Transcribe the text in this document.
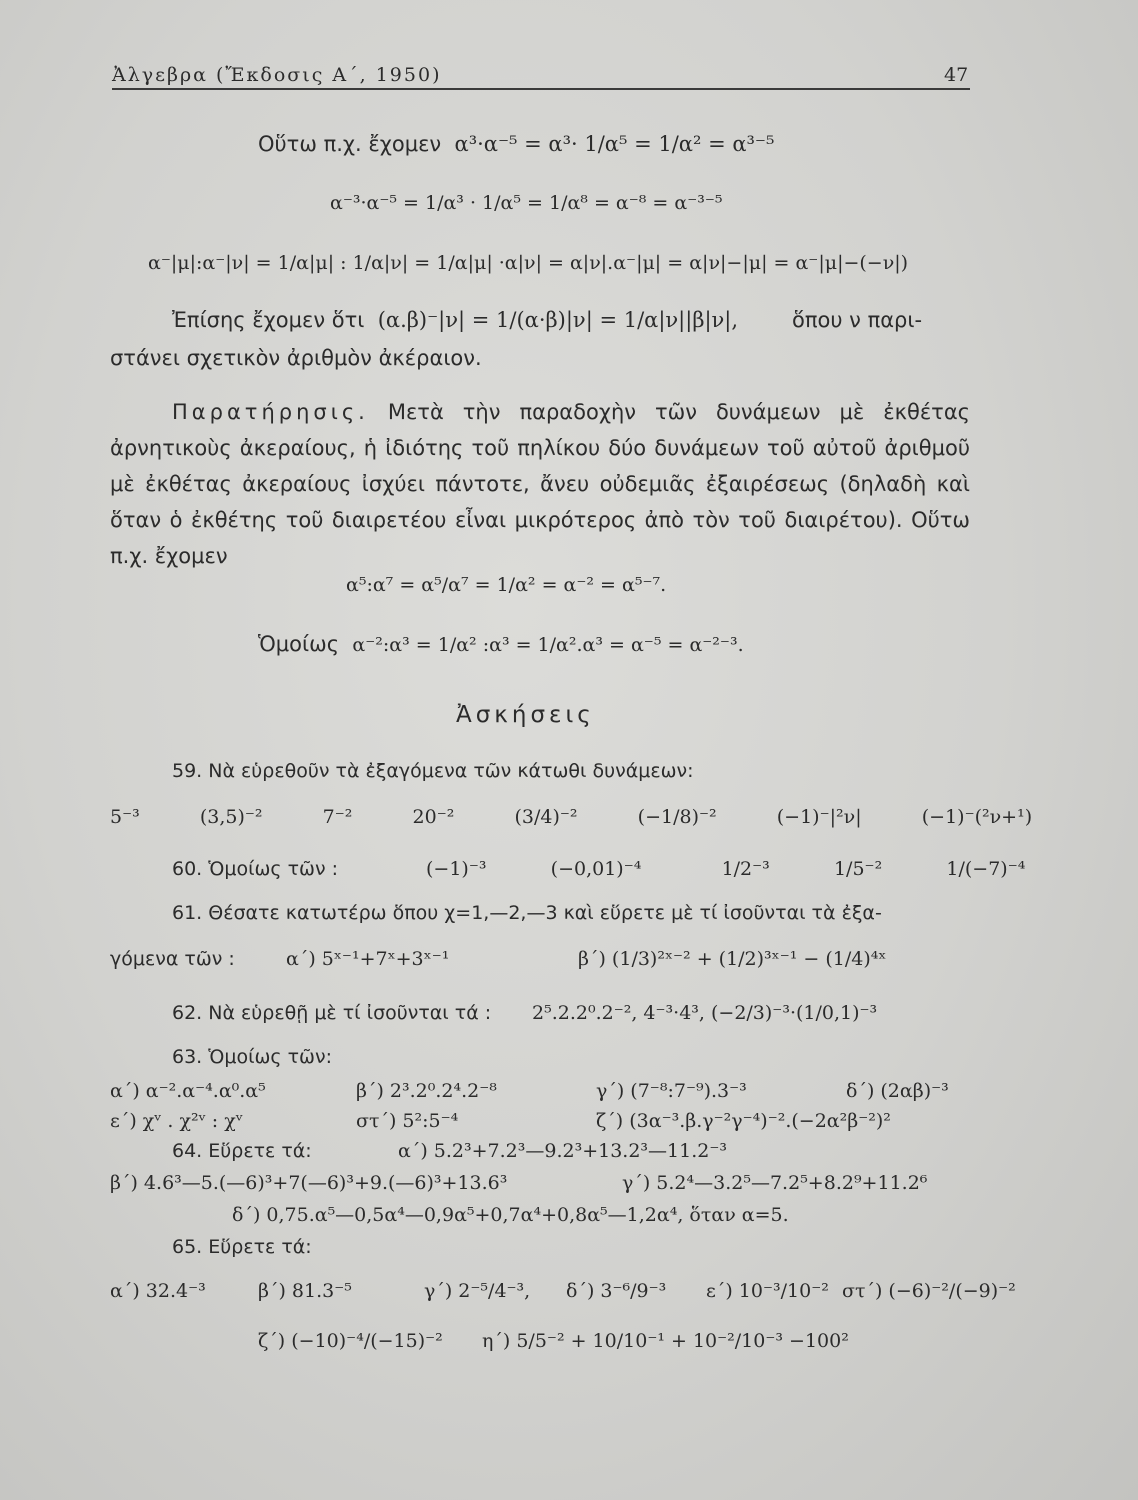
Ἀλγεβρα (Ἔκδοσις Α΄, 1950)	47
Οὕτω π.χ. ἔχομεν α³·α⁻⁵ = α³· 1/α⁵ = 1/α² = α³⁻⁵
α⁻³·α⁻⁵ = 1/α³ · 1/α⁵ = 1/α⁸ = α⁻⁸ = α⁻³⁻⁵
α⁻|μ|:α⁻|ν| = 1/α|μ| : 1/α|ν| = 1/α|μ| ·α|ν| = α|ν|.α⁻|μ| = α|ν|−|μ| = α⁻|μ|−(−ν|)
Ἐπίσης ἔχομεν ὅτι (α.β)⁻|ν| = 1/(α·β)|ν| = 1/α|ν||β|ν|,	ὅπου ν παρι-
στάνει σχετικὸν ἀριθμὸν ἀκέραιον.
Παρατήρησις. Μετὰ τὴν παραδοχὴν τῶν δυνάμεων μὲ ἐκθέτας ἀρνητικοὺς ἀκεραίους, ἡ ἰδιότης τοῦ πηλίκου δύο δυνάμεων τοῦ αὐτοῦ ἀριθμοῦ μὲ ἐκθέτας ἀκεραίους ἰσχύει πάντοτε, ἄνευ οὐδεμιᾶς ἐξαιρέσεως (δηλαδὴ καὶ ὅταν ὁ ἐκθέτης τοῦ διαιρετέου εἶναι μικρότερος ἀπὸ τὸν τοῦ διαιρέτου). Οὕτω π.χ. ἔχομεν
α⁵:α⁷ = α⁵/α⁷ = 1/α² = α⁻² = α⁵⁻⁷.
Ὁμοίως α⁻²:α³ = 1/α² :α³ = 1/α².α³ = α⁻⁵ = α⁻²⁻³.
Ἀσκήσεις
59. Νὰ εὑρεθοῦν τὰ ἐξαγόμενα τῶν κάτωθι δυνάμεων:
5⁻³	(3,5)⁻²	7⁻²	20⁻²	(3/4)⁻²	(−1/8)⁻²	(−1)⁻|²ν|	(−1)⁻(²ν+¹)
60. Ὁμοίως τῶν :	(−1)⁻³	(−0,01)⁻⁴	1/2⁻³	1/5⁻²	1/(−7)⁻⁴
61. Θέσατε κατωτέρω ὅπου χ=1,—2,—3 καὶ εὕρετε μὲ τί ἰσοῦνται τὰ ἐξα-
γόμενα τῶν :	α΄) 5ˣ⁻¹+7ˣ+3ˣ⁻¹	β΄) (1/3)²ˣ⁻² + (1/2)³ˣ⁻¹ − (1/4)⁴ˣ
62. Νὰ εὑρεθῇ μὲ τί ἰσοῦνται τά : 2⁵.2.2⁰.2⁻², 4⁻³·4³, (−2/3)⁻³·(1/0,1)⁻³
63. Ὁμοίως τῶν:
α΄) α⁻².α⁻⁴.α⁰.α⁵	β΄) 2³.2⁰.2⁴.2⁻⁸	γ΄) (7⁻⁸:7⁻⁹).3⁻³	δ΄) (2αβ)⁻³
ε΄) χᵛ . χ²ᵛ : χᵛ	στ΄) 5²:5⁻⁴	ζ΄) (3α⁻³.β.γ⁻²γ⁻⁴)⁻².(−2α²β⁻²)²
64. Εὕρετε τά:	α΄) 5.2³+7.2³—9.2³+13.2³—11.2⁻³
β΄) 4.6³—5.(—6)³+7(—6)³+9.(—6)³+13.6³	γ΄) 5.2⁴—3.2⁵—7.2⁵+8.2⁹+11.2⁶
δ΄) 0,75.α⁵—0,5α⁴—0,9α⁵+0,7α⁴+0,8α⁵—1,2α⁴, ὅταν α=5.
65. Εὕρετε τά:
α΄) 32.4⁻³	β΄) 81.3⁻⁵	γ΄) 2⁻⁵/4⁻³, δ΄) 3⁻⁶/9⁻³ ε΄) 10⁻³/10⁻² στ΄) (−6)⁻²/(−9)⁻²
ζ΄) (−10)⁻⁴/(−15)⁻² η΄) 5/5⁻² + 10/10⁻¹ + 10⁻²/10⁻³ −100²
